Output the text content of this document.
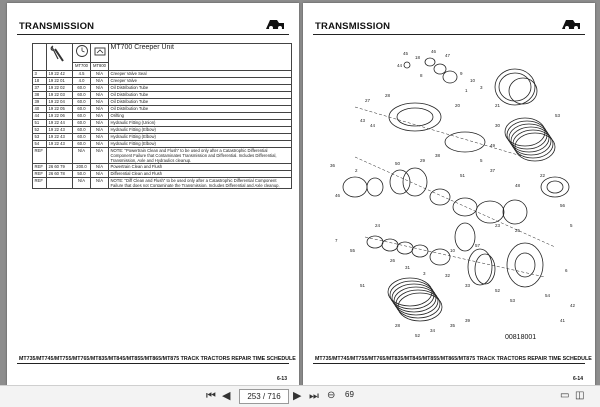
TRANSMISSION
				MT700 Creeper Unit
		MT700	MT800	
3	19 22 42	4.5	N/A	Creeper Valve Seal
18	19 22 01	4.0	N/A	Creeper Valve
37	19 22 02	60.0	N/A	Oil Distribution Tube
38	19 22 03	60.0	N/A	Oil Distribution Tube
39	19 22 04	60.0	N/A	Oil Distribution Tube
40	19 22 05	60.0	N/A	Oil Distribution Tube
44	19 22 06	60.0	N/A	Orifting
51	19 22 44	60.0	N/A	Hydraulic Fitting (Union)
52	19 22 43	60.0	N/A	Hydraulic Fitting (Elbow)
53	19 22 43	60.0	N/A	Hydraulic Fitting (Elbow)
54	19 22 43	60.0	N/A	Hydraulic Fitting (Elbow)
REF		N/A	N/A	NOTE: "Powertrain Clean and Flush" to be used only after a Catastrophic Differential Component Failure that Contaminates Transmission and Differential. Includes Differential, Transmission, Axle and Hydraulics cleanup.
REF	26 60 79	200.0	N/A	Powertrain Clean and Flush
REF	26 60 78	50.0	N/A	Differential Clean and Flush
REF		N/A	N/A	NOTE: "Diff Clean and Flush" to be used only after a Catastrophic Differential Component Failure that does not Contaminate the Transmission. Includes Differential and Axle cleanup.
MT735/MT745/MT755/MT765/MT835/MT845/MT855/MT865/MT875 TRACK TRACTORS REPAIR TIME SCHEDULE
6-13
TRANSMISSION
45
18
46
47
44
8	9
10
1
3
27
28
43
44
20	21
53
30
49
5
37
38
36
46
2
50
29
51
48
22
23
24
25
26
31
3	32
33
52
53
54
6
7
55
56
5
10
57
28
52
34
35
39	41
42
51
00818001
MT735/MT745/MT755/MT765/MT835/MT845/MT855/MT865/MT875 TRACK TRACTORS REPAIR TIME SCHEDULE
6-14
⏮ ◀	253 / 716	▶ ⏭ ⊖ 69	▭ ◫
